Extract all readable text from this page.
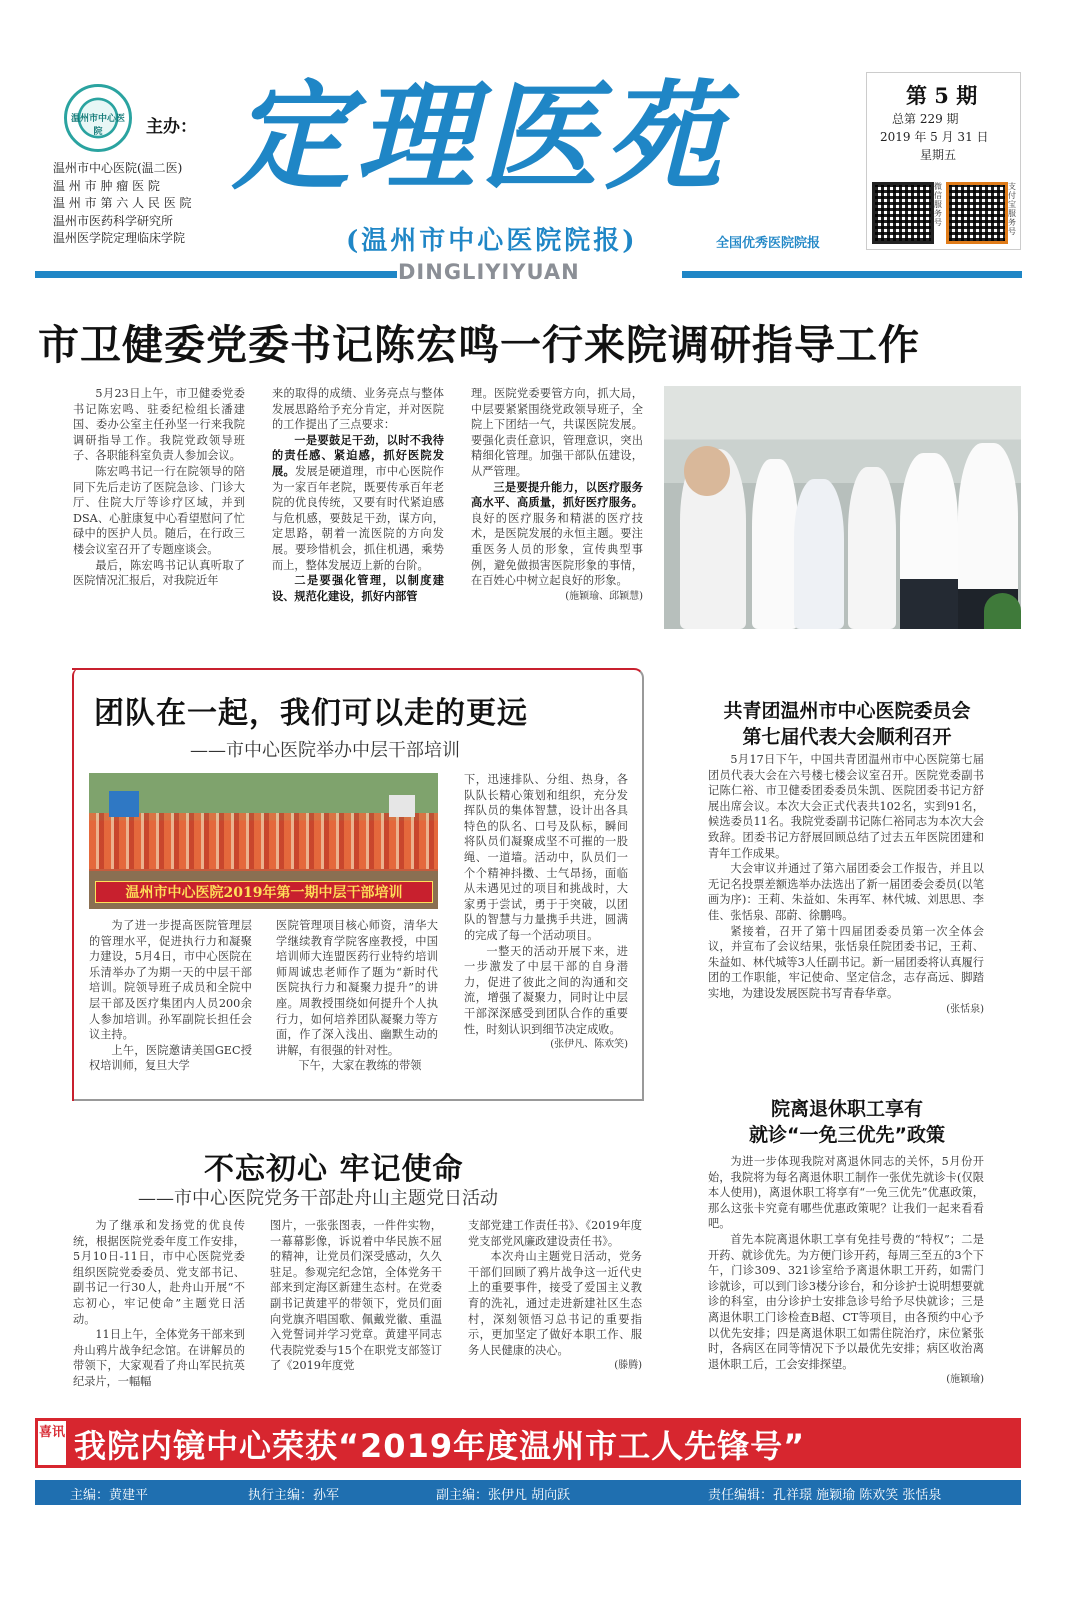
温州市中心医院	主办：
温州市中心医院(温二医)
温 州 市 肿 瘤 医 院
温 州 市 第 六 人 民 医 院
温州市医药科学研究所
温州医学院定理临床学院
定理医苑
(温州市中心医院院报)	全国优秀医院院报
DINGLIYIYUAN
第 5 期
总第 229 期
2019 年 5 月 31 日
星期五
微信服务号
支付宝服务号
市卫健委党委书记陈宏鸣一行来院调研指导工作

5月23日上午，市卫健委党委书记陈宏鸣、驻委纪检组长潘建国、委办公室主任孙坚一行来我院调研指导工作。我院党政领导班子、各职能科室负责人参加会议。

陈宏鸣书记一行在院领导的陪同下先后走访了医院急诊、门诊大厅、住院大厅等诊疗区域，并到DSA、心脏康复中心看望慰问了忙碌中的医护人员。随后，在行政三楼会议室召开了专题座谈会。

最后，陈宏鸣书记认真听取了医院情况汇报后，对我院近年

来的取得的成绩、业务亮点与整体发展思路给予充分肯定，并对医院的工作提出了三点要求：

一是要鼓足干劲，以时不我待的责任感、紧迫感，抓好医院发展。发展是硬道理，市中心医院作为一家百年老院，既要传承百年老院的优良传统，又要有时代紧迫感与危机感，要鼓足干劲，谋方向，定思路，朝着一流医院的方向发展。要珍惜机会，抓住机遇，乘势而上，整体发展迈上新的台阶。

二是要强化管理，以制度建设、规范化建设，抓好内部管

理。医院党委要管方向，抓大局，中层要紧紧围绕党政领导班子，全院上下团结一气，共谋医院发展。要强化责任意识，管理意识，突出精细化管理。加强干部队伍建设，从严管理。

三是要提升能力，以医疗服务高水平、高质量，抓好医疗服务。良好的医疗服务和精湛的医疗技术，是医院发展的永恒主题。要注重医务人员的形象，宣传典型事例，避免做损害医院形象的事情，在百姓心中树立起良好的形象。

(施颖瑜、邱颖慧)
团队在一起，我们可以走的更远
——市中心医院举办中层干部培训
温州市中心医院2019年第一期中层干部培训

为了进一步提高医院管理层的管理水平，促进执行力和凝聚力建设，5月4日，市中心医院在乐清举办了为期一天的中层干部培训。院领导班子成员和全院中层干部及医疗集团内人员200余人参加培训。孙军副院长担任会议主持。

上午，医院邀请美国GEC授权培训师，复旦大学

医院管理项目核心师资，清华大学继续教育学院客座教授，中国培训师大连盟医药行业特约培训师周诚忠老师作了题为“新时代医院执行力和凝聚力提升”的讲座。周教授围绕如何提升个人执行力，如何培养团队凝聚力等方面，作了深入浅出、幽默生动的讲解，有很强的针对性。

下午，大家在教练的带领

下，迅速排队、分组、热身，各队队长精心策划和组织，充分发挥队员的集体智慧，设计出各具特色的队名、口号及队标，瞬间将队员们凝聚成坚不可摧的一股绳、一道墙。活动中，队员们一个个精神抖擞、士气昂扬，面临从未遇见过的项目和挑战时，大家勇于尝试，勇于于突破，以团队的智慧与力量携手共进，圆满的完成了每一个活动项目。

一整天的活动开展下来，进一步激发了中层干部的自身潜力，促进了彼此之间的沟通和交流，增强了凝聚力，同时让中层干部深深感受到团队合作的重要性，时刻认识到细节决定成败。

(张伊凡、陈欢笑)
共青团温州市中心医院委员会
第七届代表大会顺利召开

5月17日下午，中国共青团温州市中心医院第七届团员代表大会在六号楼七楼会议室召开。医院党委副书记陈仁裕、市卫健委团委委员朱凯、医院团委书记方舒展出席会议。本次大会正式代表共102名，实到91名，候选委员11名。我院党委副书记陈仁裕同志为本次大会致辞。团委书记方舒展回顾总结了过去五年医院团建和青年工作成果。

大会审议并通过了第六届团委会工作报告，并且以无记名投票差额选举办法选出了新一届团委会委员(以笔画为序)：王莉、朱益如、朱再军、林代城、刘思思、李佳、张恬泉、邵蔚、徐鹏鸣。

紧接着，召开了第十四届团委委员第一次全体会议，并宣布了会议结果，张恬泉任院团委书记，王莉、朱益如、林代城等3人任副书记。新一届团委将认真履行团的工作职能，牢记使命、坚定信念，志存高远、脚踏实地，为建设发展医院书写青春华章。

(张恬泉)
院离退休职工享有
就诊“一免三优先”政策

为进一步体现我院对离退休同志的关怀，5月份开始，我院将为每名离退休职工制作一张优先就诊卡(仅限本人使用)，离退休职工将享有“一免三优先”优惠政策，那么这张卡究竟有哪些优惠政策呢？让我们一起来看看吧。

首先本院离退休职工享有免挂号费的“特权”；二是开药、就诊优先。为方便门诊开药，每周三至五的3个下午，门诊309、321诊室给予离退休职工开药，如需门诊就诊，可以到门诊3楼分诊台，和分诊护士说明想要就诊的科室，由分诊护士安排急诊号给予尽快就诊；三是离退休职工门诊检查B超、CT等项目，由各预约中心予以优先安排；四是离退休职工如需住院治疗，床位紧张时，各病区在同等情况下予以最优先安排；病区收治离退休职工后，工会安排探望。

(施颖瑜)
不忘初心 牢记使命
——市中心医院党务干部赴舟山主题党日活动

为了继承和发扬党的优良传统，根据医院党委年度工作安排，5月10日-11日，市中心医院党委组织医院党委委员、党支部书记、副书记一行30人，赴舟山开展“不忘初心，牢记使命”主题党日活动。

11日上午，全体党务干部来到舟山鸦片战争纪念馆。在讲解员的带领下，大家观看了舟山军民抗英纪录片，一幅幅

图片，一张张图表，一件件实物，一幕幕影像，诉说着中华民族不屈的精神，让党员们深受感动，久久驻足。参观完纪念馆，全体党务干部来到定海区新建生态村。在党委副书记黄建平的带领下，党员们面向党旗齐唱国歌、佩戴党徽、重温入党誓词并学习党章。黄建平同志代表院党委与15个在职党支部签订了《2019年度党

支部党建工作责任书》、《2019年度党支部党风廉政建设责任书》。

本次舟山主题党日活动，党务干部们回顾了鸦片战争这一近代史上的重要事件，接受了爱国主义教育的洗礼，通过走进新建社区生态村，深刻领悟习总书记的重要指示，更加坚定了做好本职工作、服务人民健康的决心。

(滕腾)
喜讯 我院内镜中心荣获“2019年度温州市工人先锋号”
主编：黄建平	执行主编：孙军	副主编：张伊凡 胡向跃	责任编辑：孔祥璟 施颖瑜 陈欢笑 张恬泉
